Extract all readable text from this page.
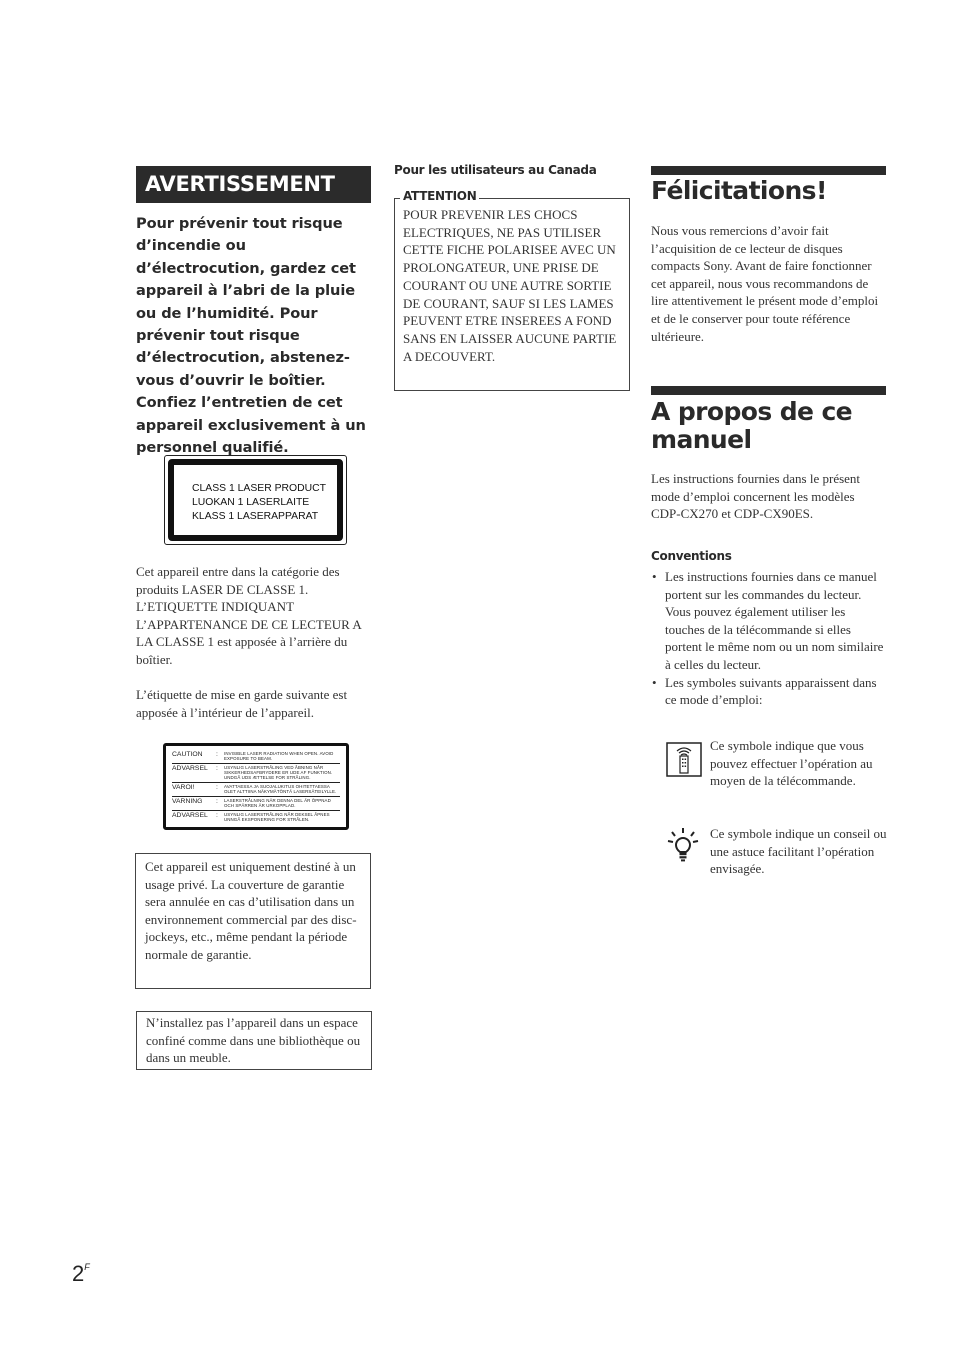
AVERTISSEMENT
Pour prévenir tout risque d’incendie ou d’électrocution, gardez cet appareil à l’abri de la pluie ou de l’humidité. Pour prévenir tout risque d’électrocution, abstenez-vous d’ouvrir le boîtier. Confiez l’entretien de cet appareil exclusivement à un personnel qualifié.
CLASS 1 LASER PRODUCT
LUOKAN 1 LASERLAITE
KLASS 1 LASERAPPARAT
Cet appareil entre dans la catégorie des produits LASER DE CLASSE 1. L’ETIQUETTE INDIQUANT L’APPARTENANCE DE CE LECTEUR A LA CLASSE 1 est apposée à l’arrière du boîtier.
L’étiquette de mise en garde suivante est apposée à l’intérieur de l’appareil.
CAUTION	:	INVISIBLE LASER RADIATION WHEN OPEN. AVOID EXPOSURE TO BEAM.
ADVARSEL	:	USYNLIG LASERSTRÅLING VED ÅBNING NÅR SIKKERHEDSAFBRYDERE ER UDE AF FUNKTION. UNDGÅ UDS ÆTTELSE FOR STRÅLING.
VAROI!	:	AVATTAESSA JA SUOJALUKITUS OHITETTAESSA OLET ALTTIINA NÄKYMÄTÖNTÄ LASERSÄTEILYLLE.
VARNING	:	LASERSTRÅLNING NÄR DENNA DEL ÄR ÖPPNAD OCH SPÄRREN ÄR URKOPPLAD.
ADVARSEL	:	USYNLIG LASERSTRÅLING NÅR DEKSEL ÅPNES UNNGÅ EKSPONERING FOR STRÅLEN.
Cet appareil est uniquement destiné à un usage privé. La couverture de garantie sera annulée en cas d’utilisation dans un environnement commercial par des disc-jockeys, etc., même pendant la période normale de garantie.
N’installez pas l’appareil dans un espace confiné comme dans une bibliothèque ou dans un meuble.
Pour les utilisateurs au Canada
ATTENTION
POUR PREVENIR LES CHOCS ELECTRIQUES, NE PAS UTILISER CETTE FICHE POLARISEE AVEC UN PROLONGATEUR, UNE PRISE DE COURANT OU UNE AUTRE SORTIE DE COURANT, SAUF SI LES LAMES PEUVENT ETRE INSEREES A FOND SANS EN LAISSER AUCUNE PARTIE A DECOUVERT.
Félicitations!
Nous vous remercions d’avoir fait l’acquisition de ce lecteur de disques compacts Sony. Avant de faire fonctionner cet appareil, nous vous recommandons de lire attentivement le présent mode d’emploi et de le conserver pour toute référence ultérieure.
A propos de ce manuel
Les instructions fournies dans le présent mode d’emploi concernent les modèles CDP-CX270 et CDP-CX90ES.
Conventions
• Les instructions fournies dans ce manuel portent sur les commandes du lecteur.
Vous pouvez également utiliser les touches de la télécommande si elles portent le même nom ou un nom similaire à celles du lecteur.
• Les symboles suivants apparaissent dans ce mode d’emploi:
Ce symbole indique que vous pouvez effectuer l’opération au moyen de la télécommande.
Ce symbole indique un conseil ou une astuce facilitant l’opération envisagée.
$2^F$
